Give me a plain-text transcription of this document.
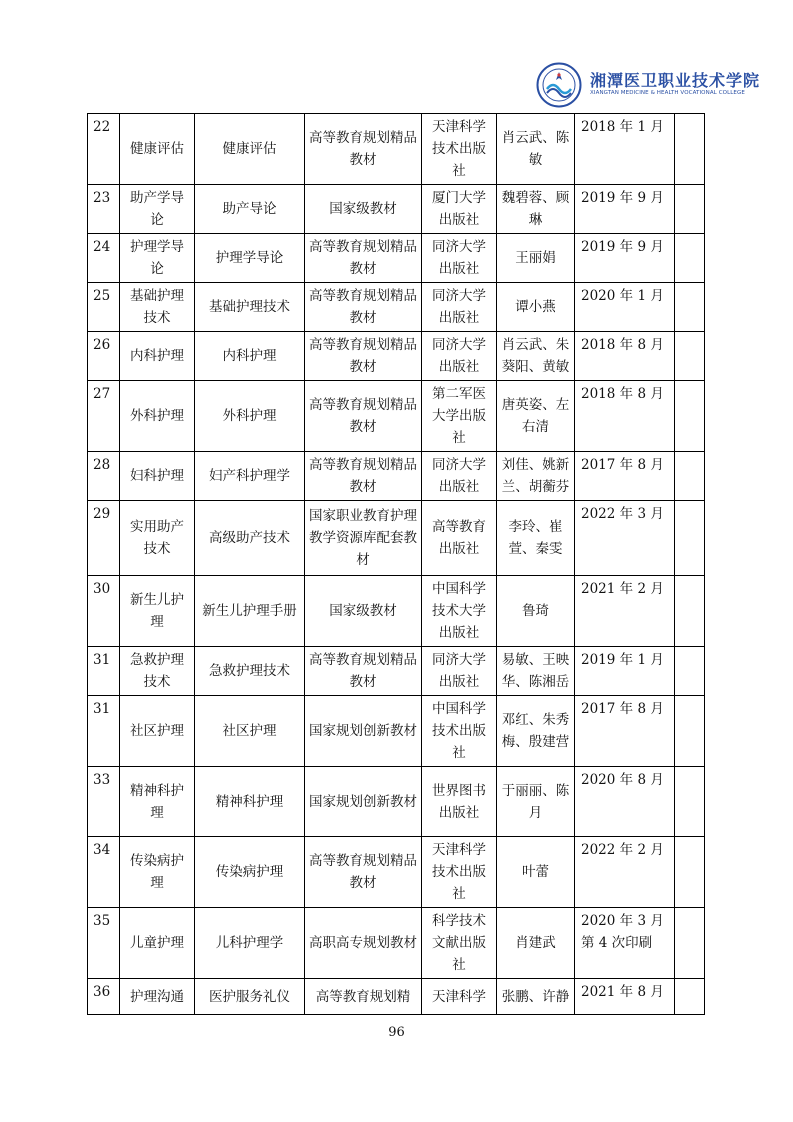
湘潭医卫职业技术学院
XIANGTAN MEDICINE & HEALTH VOCATIONAL COLLEGE
22	健康评估	健康评估	高等教育规划精品教材	天津科学技术出版社	肖云武、陈敏	2018 年 1 月	
23	助产学导论	助产导论	国家级教材	厦门大学出版社	魏碧蓉、顾琳	2019 年 9 月	
24	护理学导论	护理学导论	高等教育规划精品教材	同济大学出版社	王丽娟	2019 年 9 月	
25	基础护理技术	基础护理技术	高等教育规划精品教材	同济大学出版社	谭小燕	2020 年 1 月	
26	内科护理	内科护理	高等教育规划精品教材	同济大学出版社	肖云武、朱葵阳、黄敏	2018 年 8 月	
27	外科护理	外科护理	高等教育规划精品教材	第二军医大学出版社	唐英姿、左右清	2018 年 8 月	
28	妇科护理	妇产科护理学	高等教育规划精品教材	同济大学出版社	刘佳、姚新兰、胡蘅芬	2017 年 8 月	
29	实用助产技术	高级助产技术	国家职业教育护理教学资源库配套教材	高等教育出版社	李玲、崔萱、秦雯	2022 年 3 月	
30	新生儿护理	新生儿护理手册	国家级教材	中国科学技术大学出版社	鲁琦	2021 年 2 月	
31	急救护理技术	急救护理技术	高等教育规划精品教材	同济大学出版社	易敏、王映华、陈湘岳	2019 年 1 月	
31	社区护理	社区护理	国家规划创新教材	中国科学技术出版社	邓红、朱秀梅、殷建营	2017 年 8 月	
33	精神科护理	精神科护理	国家规划创新教材	世界图书出版社	于丽丽、陈月	2020 年 8 月	
34	传染病护理	传染病护理	高等教育规划精品教材	天津科学技术出版社	叶蕾	2022 年 2 月	
35	儿童护理	儿科护理学	高职高专规划教材	科学技术文献出版社	肖建武	2020 年 3 月第 4 次印刷	
36	护理沟通	医护服务礼仪	高等教育规划精	天津科学	张鹏、许静	2021 年 8 月	
96
